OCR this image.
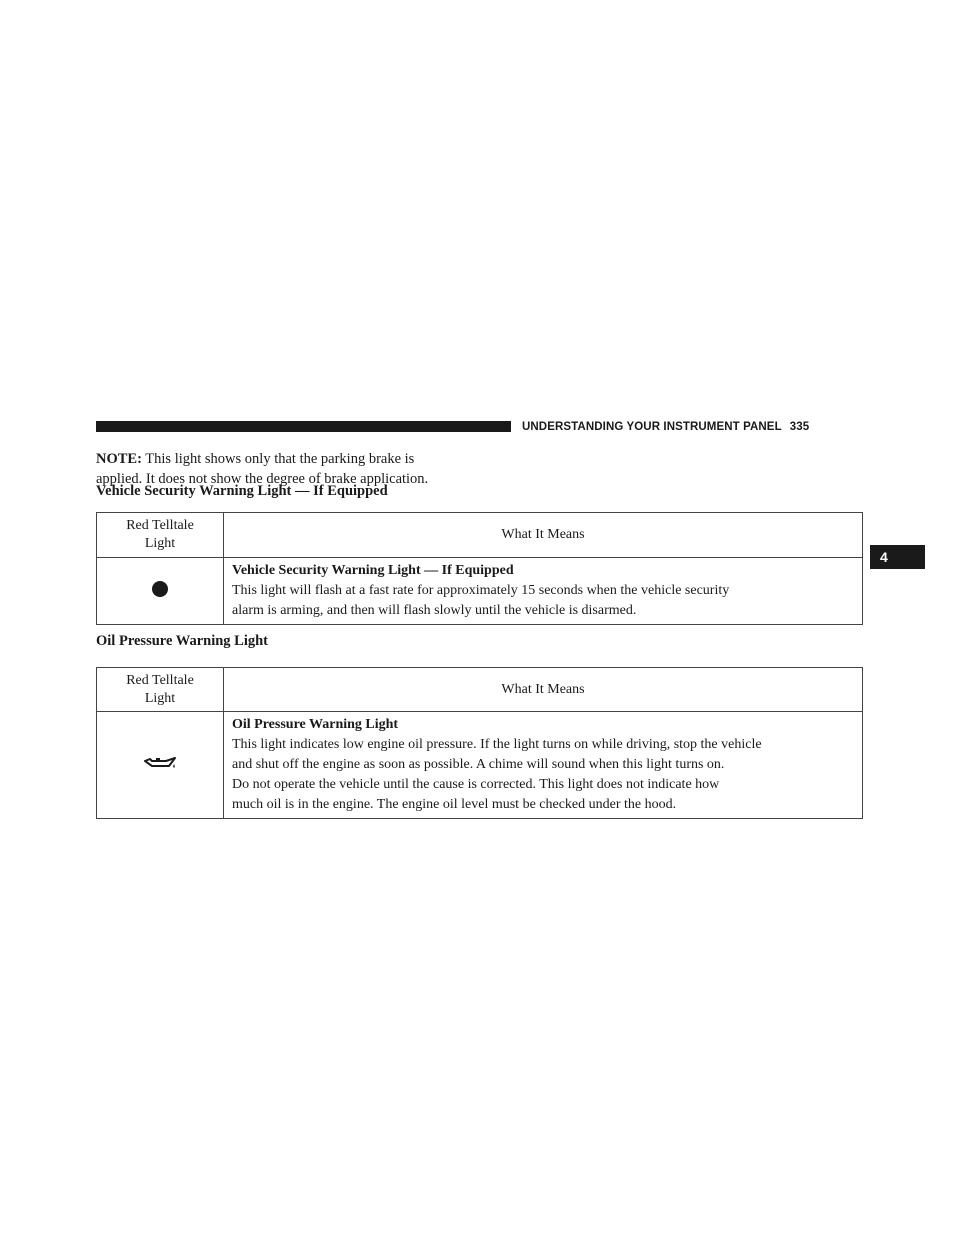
UNDERSTANDING YOUR INSTRUMENT PANEL 335
4
NOTE: This light shows only that the parking brake is
applied. It does not show the degree of brake application.
Vehicle Security Warning Light — If Equipped
Red Telltale
Light	What It Means

	Vehicle Security Warning Light — If Equipped
This light will flash at a fast rate for approximately 15 seconds when the vehicle security
alarm is arming, and then will flash slowly until the vehicle is disarmed.
Oil Pressure Warning Light
Red Telltale
Light	What It Means

Oil Pressure Warning Light
This light indicates low engine oil pressure. If the light turns on while driving, stop the vehicle
and shut off the engine as soon as possible. A chime will sound when this light turns on.
Do not operate the vehicle until the cause is corrected. This light does not indicate how
much oil is in the engine. The engine oil level must be checked under the hood.
